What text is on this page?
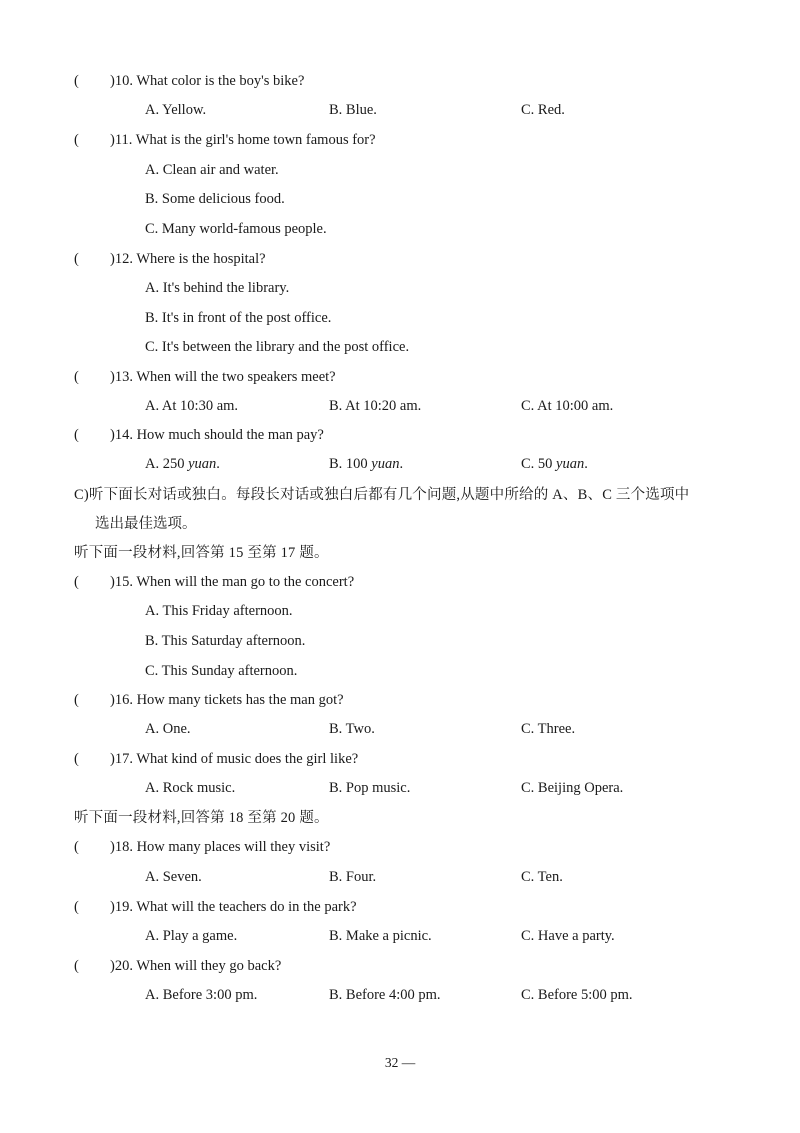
( )10. What color is the boy's bike?
A. Yellow.	B. Blue.	C. Red.
( )11. What is the girl's home town famous for?
A. Clean air and water.
B. Some delicious food.
C. Many world-famous people.
( )12. Where is the hospital?
A. It's behind the library.
B. It's in front of the post office.
C. It's between the library and the post office.
( )13. When will the two speakers meet?
A. At 10:30 am.	B. At 10:20 am.	C. At 10:00 am.
( )14. How much should the man pay?
A. 250 yuan.	B. 100 yuan.	C. 50 yuan.
C)听下面长对话或独白。每段长对话或独白后都有几个问题,从题中所给的 A、B、C 三个选项中
选出最佳选项。
听下面一段材料,回答第 15 至第 17 题。
( )15. When will the man go to the concert?
A. This Friday afternoon.
B. This Saturday afternoon.
C. This Sunday afternoon.
( )16. How many tickets has the man got?
A. One.	B. Two.	C. Three.
( )17. What kind of music does the girl like?
A. Rock music.	B. Pop music.	C. Beijing Opera.
听下面一段材料,回答第 18 至第 20 题。
( )18. How many places will they visit?
A. Seven.	B. Four.	C. Ten.
( )19. What will the teachers do in the park?
A. Play a game.	B. Make a picnic.	C. Have a party.
( )20. When will they go back?
A. Before 3:00 pm.	B. Before 4:00 pm.	C. Before 5:00 pm.
32 —
